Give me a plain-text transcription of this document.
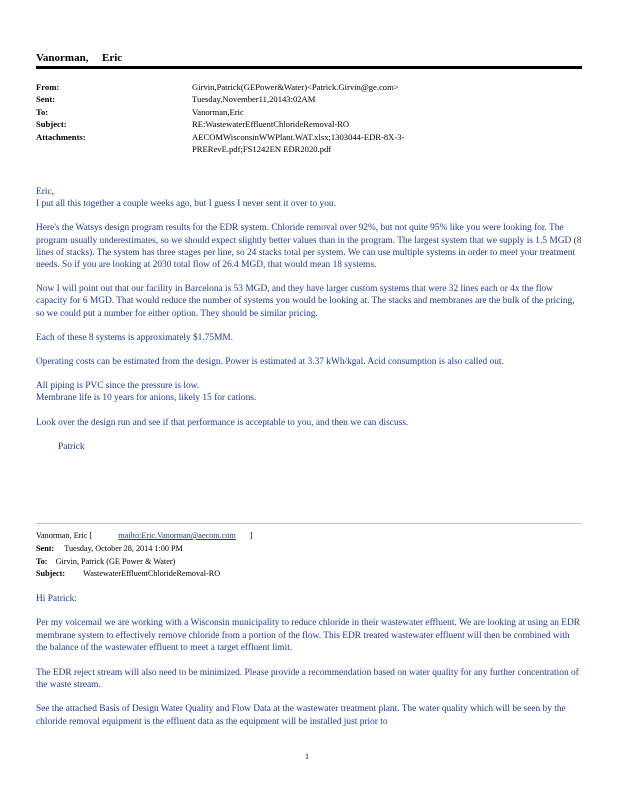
Vanorman, Eric
From:	Girvin,Patrick(GEPower&Water)<Patrick.Girvin@ge.com>
Sent:	Tuesday,November11,20143:02AM
To:	Vanorman,Eric
Subject:	RE:WastewaterEffluentChlorideRemoval-RO
Attachments:	AECOMWisconsinWWPlant.WAT.xlsx;1303044-EDR-8X-3-PRERevE.pdf;FS1242EN EDR2020.pdf

Eric,

I put all this together a couple weeks ago, but I guess I never sent it over to you.

Here's the Watsys design program results for the EDR system. Chloride removal over 92%, but not quite 95% like you were looking for. The program usually underestimates, so we should expect slightly better values than in the program. The largest system that we supply is 1.5 MGD (8 lines of stacks). The system has three stages per line, so 24 stacks total per system. We can use multiple systems in order to meet your treatment needs. So if you are looking at 2030 total flow of 26.4 MGD, that would mean 18 systems.

Now I will point out that our facility in Barcelona is 53 MGD, and they have larger custom systems that were 32 lines each or 4x the flow capacity for 6 MGD. That would reduce the number of systems you would be looking at. The stacks and membranes are the bulk of the pricing, so we could put a number for either option. They should be similar pricing.

Each of these 8 systems is approximately $1.75MM.

Operating costs can be estimated from the design. Power is estimated at 3.37 kWh/kgal. Acid consumption is also called out.

All piping is PVC since the pressure is low.

Membrane life is 10 years for anions, likely 15 for cations.

Look over the design run and see if that performance is acceptable to you, and then we can discuss.

Patrick

Vanorman, Eric [	mailto:Eric.Vanorman@aecom.com ]
Sent: Tuesday, October 28, 2014 1:00 PM
To: Girvin, Patrick (GE Power & Water)
Subject: WastewaterEffluentChlorideRemoval-RO

Hi Patrick:

Per my voicemail we are working with a Wisconsin municipality to reduce chloride in their wastewater effluent. We are looking at using an EDR membrane system to effectively remove chloride from a portion of the flow. This EDR treated wastewater effluent will then be combined with the balance of the wastewater effluent to meet a target effluent limit.

The EDR reject stream will also need to be minimized. Please provide a recommendation based on water quality for any further concentration of the waste stream.

See the attached Basis of Design Water Quality and Flow Data at the wastewater treatment plant. The water quality which will be seen by the chloride removal equipment is the effluent data as the equipment will be installed just prior to

1
